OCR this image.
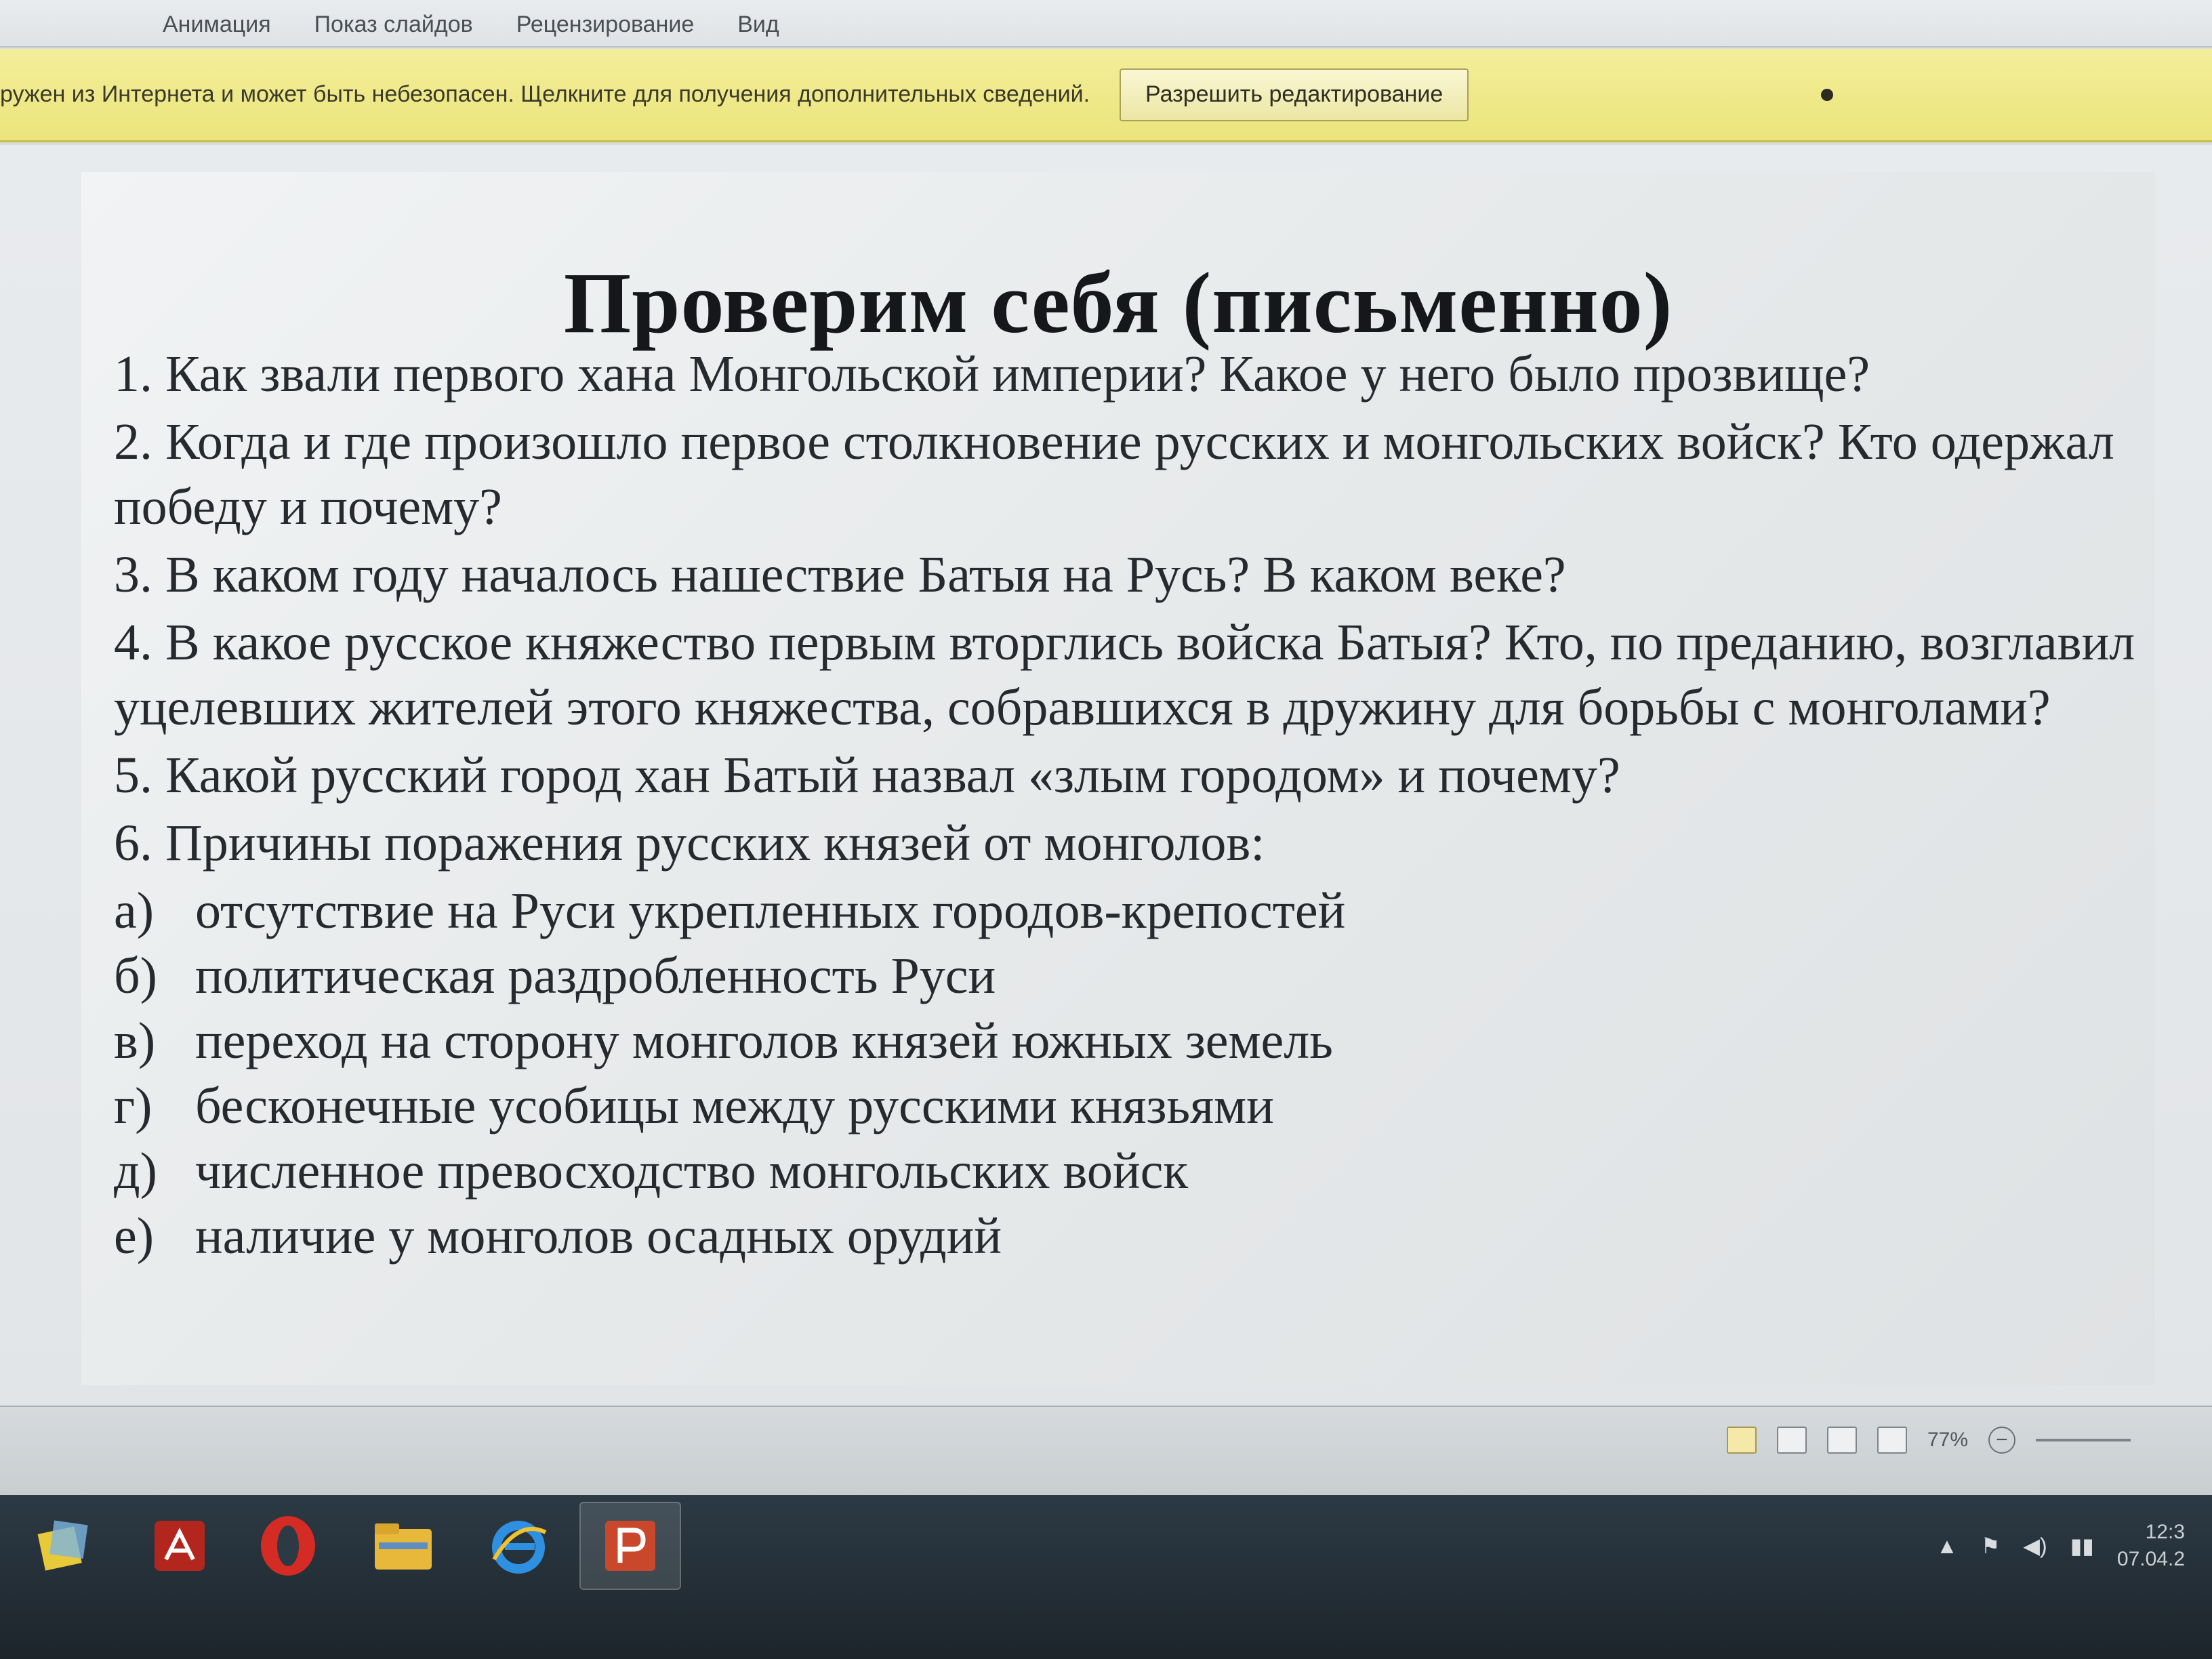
Анимация Показ слайдов Рецензирование Вид
ружен из Интернета и может быть небезопасен. Щелкните для получения дополнительных сведений.	Разрешить редактирование
Проверим себя (письменно)
1. Как звали первого хана Монгольской империи? Какое у него было прозвище?
2. Когда и где произошло первое столкновение русских и монгольских войск? Кто одержал победу и почему?
3. В каком году началось нашествие Батыя на Русь? В каком веке?
4. В какое русское княжество первым вторглись войска Батыя? Кто, по преданию, возглавил уцелевших жителей этого княжества, собравшихся в дружину для борьбы с монголами?
5. Какой русский город хан Батый назвал «злым городом» и почему?
6. Причины поражения русских князей от монголов:
а) отсутствие на Руси укрепленных городов-крепостей
б) политическая раздробленность Руси
в) переход на сторону монголов князей южных земель
г) бесконечные усобицы между русскими князьями
д) численное превосходство монгольских войск
е) наличие у монголов осадных орудий
77%	−
▲ ⚑ ◀) ▮▮
12:3
07.04.2
